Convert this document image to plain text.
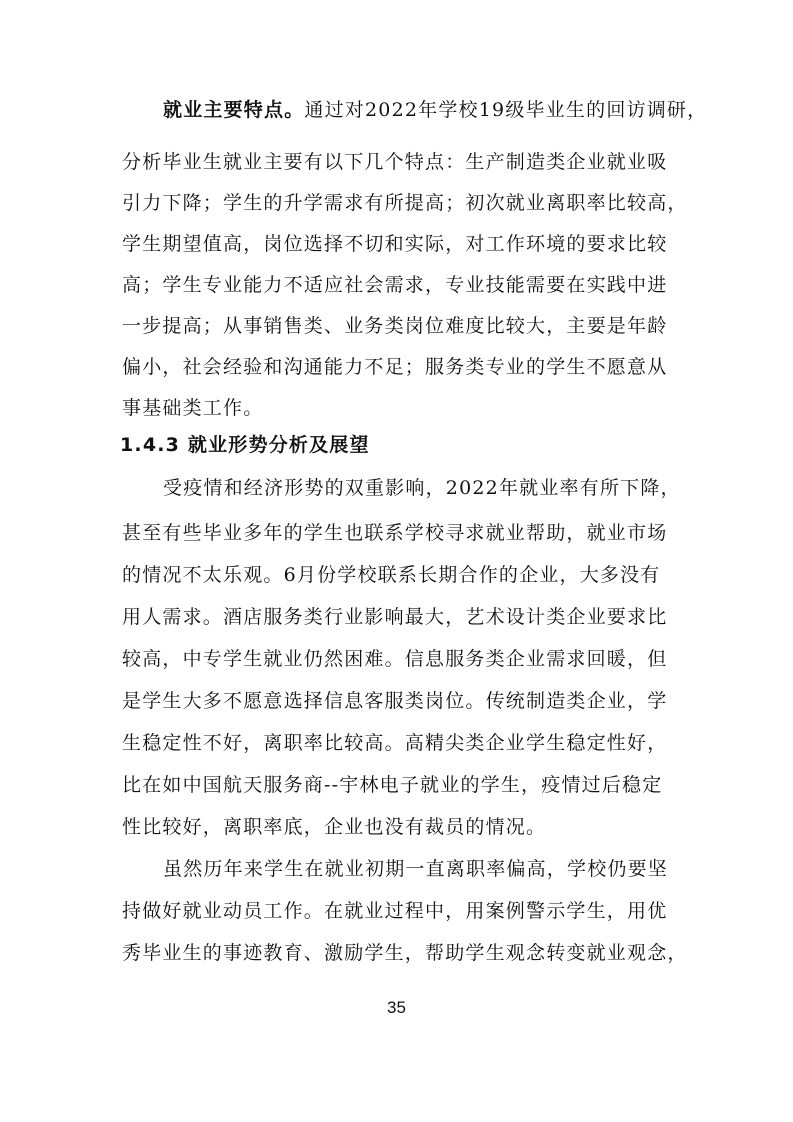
就业主要特点。通过对2022年学校19级毕业生的回访调研，
分析毕业生就业主要有以下几个特点：生产制造类企业就业吸
引力下降；学生的升学需求有所提高；初次就业离职率比较高，
学生期望值高，岗位选择不切和实际，对工作环境的要求比较
高；学生专业能力不适应社会需求，专业技能需要在实践中进
一步提高；从事销售类、业务类岗位难度比较大，主要是年龄
偏小，社会经验和沟通能力不足；服务类专业的学生不愿意从
事基础类工作。
1.4.3 就业形势分析及展望
受疫情和经济形势的双重影响，2022年就业率有所下降，
甚至有些毕业多年的学生也联系学校寻求就业帮助，就业市场
的情况不太乐观。6月份学校联系长期合作的企业，大多没有
用人需求。酒店服务类行业影响最大，艺术设计类企业要求比
较高，中专学生就业仍然困难。信息服务类企业需求回暖，但
是学生大多不愿意选择信息客服类岗位。传统制造类企业，学
生稳定性不好，离职率比较高。高精尖类企业学生稳定性好，
比在如中国航天服务商--宇林电子就业的学生，疫情过后稳定
性比较好，离职率底，企业也没有裁员的情况。
虽然历年来学生在就业初期一直离职率偏高，学校仍要坚
持做好就业动员工作。在就业过程中，用案例警示学生，用优
秀毕业生的事迹教育、激励学生，帮助学生观念转变就业观念，
35
